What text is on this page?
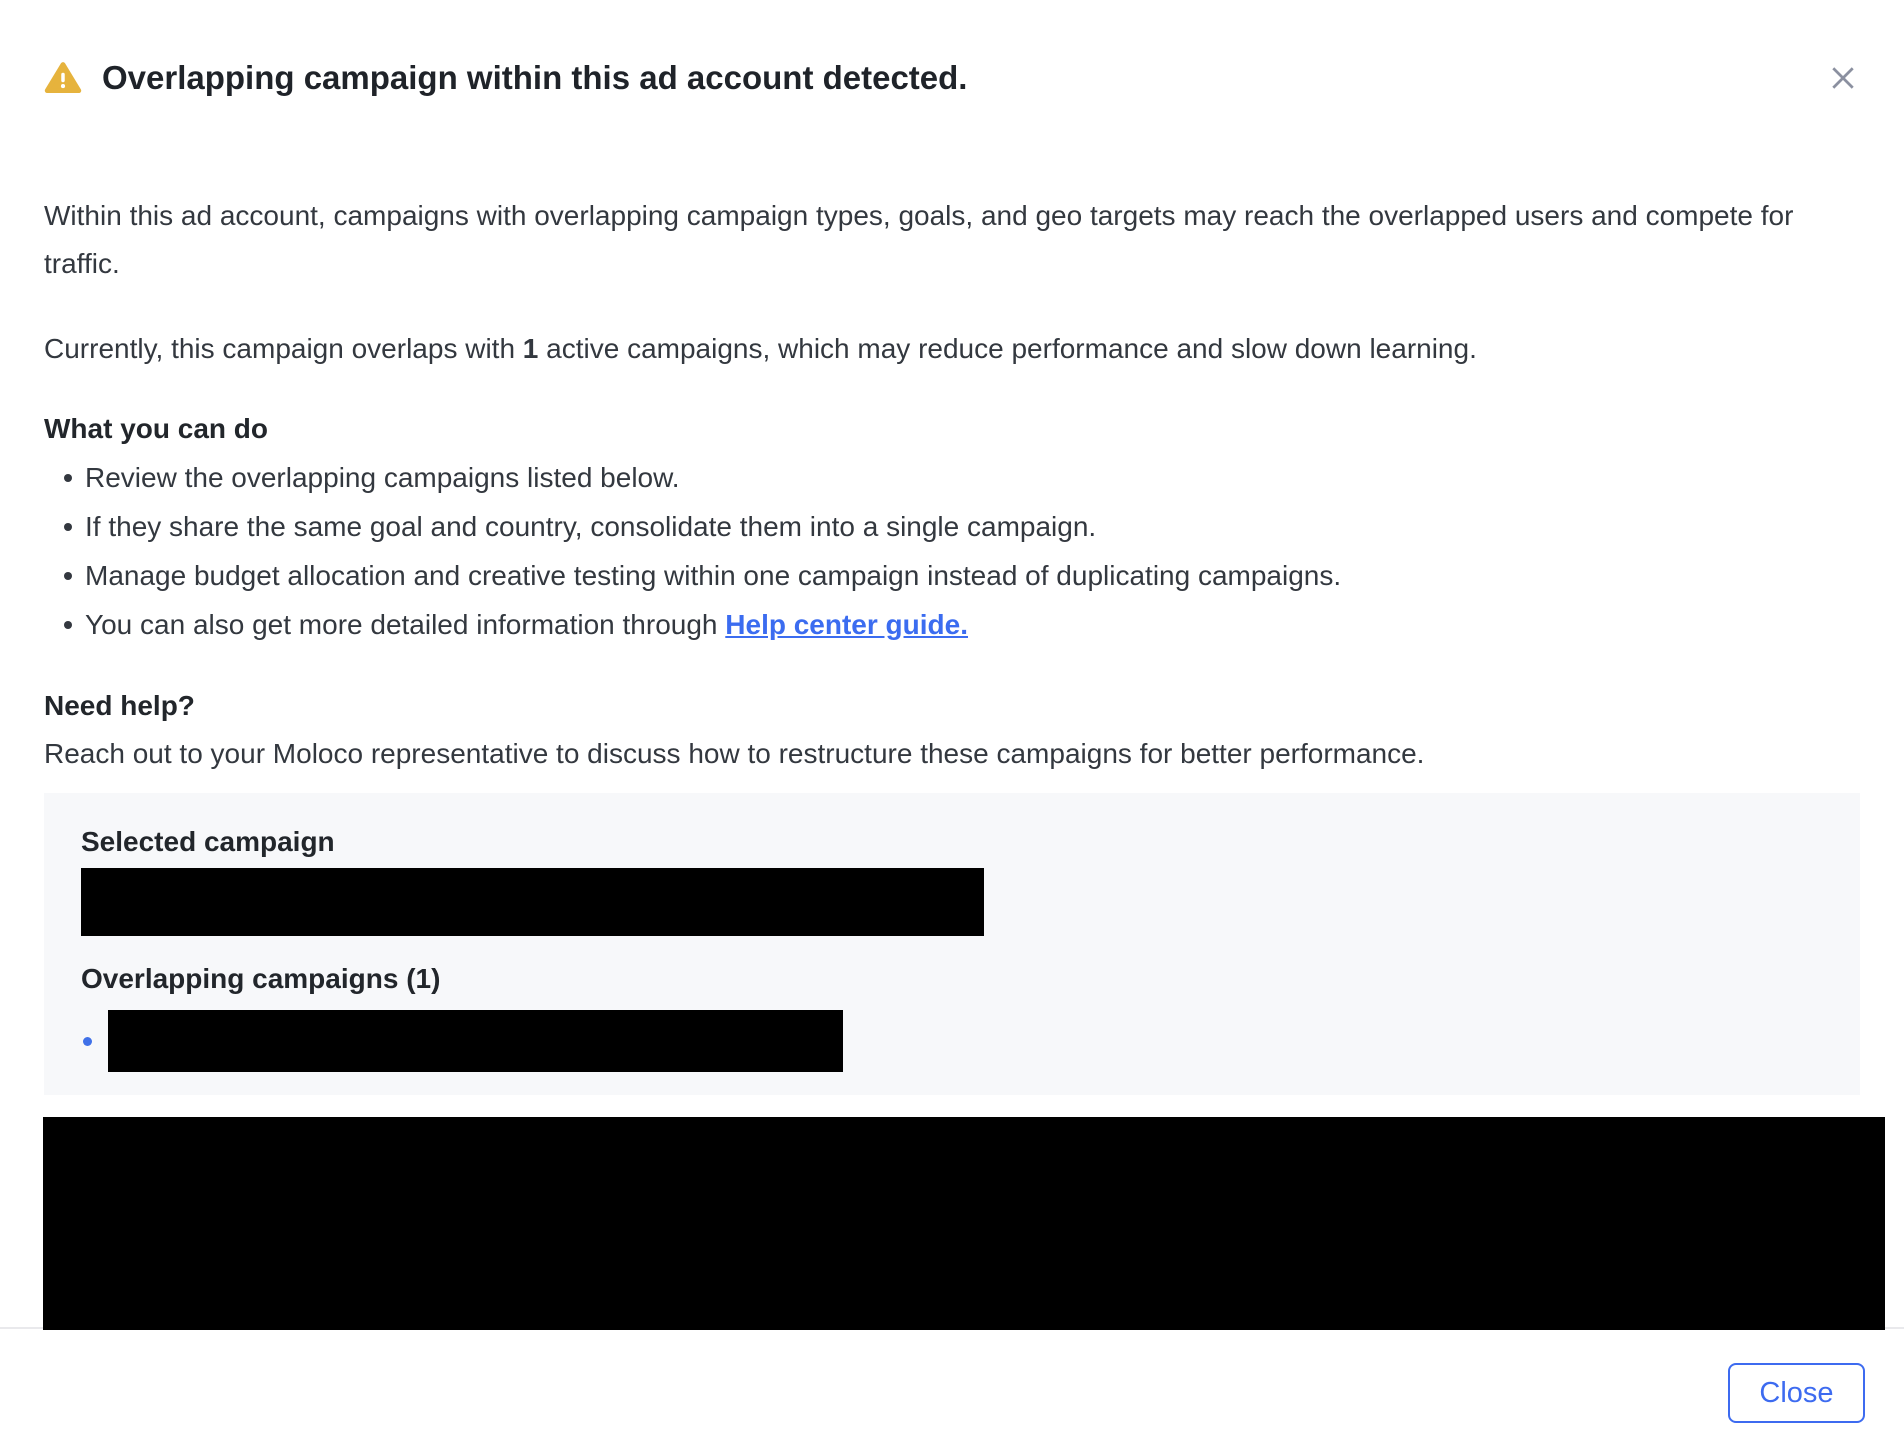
Overlapping campaign within this ad account detected.

Within this ad account, campaigns with overlapping campaign types, goals, and geo targets may reach the overlapped users and compete for traffic.

Currently, this campaign overlaps with 1 active campaigns, which may reduce performance and slow down learning.

What you can do
Review the overlapping campaigns listed below.
If they share the same goal and country, consolidate them into a single campaign.
Manage budget allocation and creative testing within one campaign instead of duplicating campaigns.
You can also get more detailed information through Help center guide.
Need help?

Reach out to your Moloco representative to discuss how to restructure these campaigns for better performance.

Selected campaign
Overlapping campaigns (1)
Close
